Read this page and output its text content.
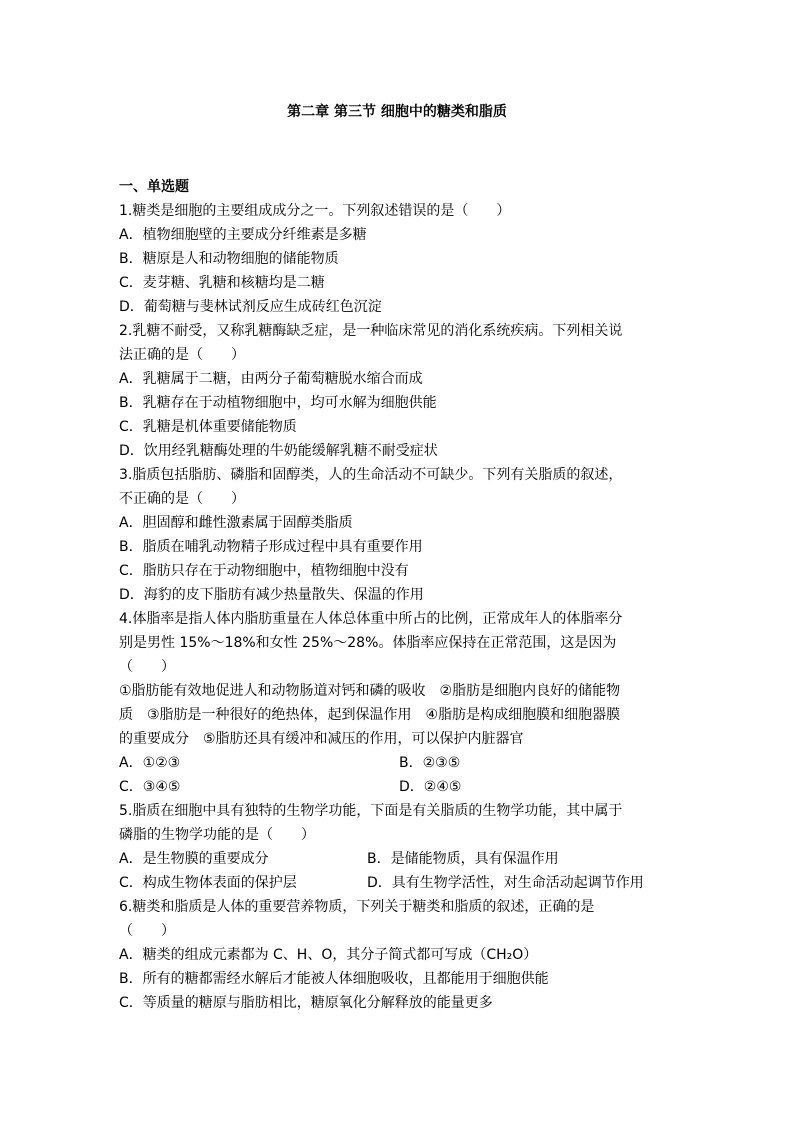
第二章 第三节 细胞中的糖类和脂质
一、单选题
1.糖类是细胞的主要组成成分之一。下列叙述错误的是（　　）
A．植物细胞壁的主要成分纤维素是多糖
B．糖原是人和动物细胞的储能物质
C．麦芽糖、乳糖和核糖均是二糖
D．葡萄糖与斐林试剂反应生成砖红色沉淀
2.乳糖不耐受，又称乳糖酶缺乏症，是一种临床常见的消化系统疾病。下列相关说
法正确的是（　　）
A．乳糖属于二糖，由两分子葡萄糖脱水缩合而成
B．乳糖存在于动植物细胞中，均可水解为细胞供能
C．乳糖是机体重要储能物质
D．饮用经乳糖酶处理的牛奶能缓解乳糖不耐受症状
3.脂质包括脂肪、磷脂和固醇类，人的生命活动不可缺少。下列有关脂质的叙述，
不正确的是（　　）
A．胆固醇和雌性激素属于固醇类脂质
B．脂质在哺乳动物精子形成过程中具有重要作用
C．脂肪只存在于动物细胞中，植物细胞中没有
D．海豹的皮下脂肪有减少热量散失、保温的作用
4.体脂率是指人体内脂肪重量在人体总体重中所占的比例，正常成年人的体脂率分
别是男性 15%～18%和女性 25%～28%。体脂率应保持在正常范围，这是因为
（　　）
①脂肪能有效地促进人和动物肠道对钙和磷的吸收　②脂肪是细胞内良好的储能物
质　③脂肪是一种很好的绝热体，起到保温作用　④脂肪是构成细胞膜和细胞器膜
的重要成分　⑤脂肪还具有缓冲和减压的作用，可以保护内脏器官
A．①②③	B．②③⑤
C．③④⑤	D．②④⑤
5.脂质在细胞中具有独特的生物学功能，下面是有关脂质的生物学功能，其中属于
磷脂的生物学功能的是（　　）
A．是生物膜的重要成分	B．是储能物质，具有保温作用
C．构成生物体表面的保护层	D．具有生物学活性，对生命活动起调节作用
6.糖类和脂质是人体的重要营养物质，下列关于糖类和脂质的叙述，正确的是
（　　）
A．糖类的组成元素都为 C、H、O，其分子简式都可写成（CH₂O）
B．所有的糖都需经水解后才能被人体细胞吸收，且都能用于细胞供能
C．等质量的糖原与脂肪相比，糖原氧化分解释放的能量更多
